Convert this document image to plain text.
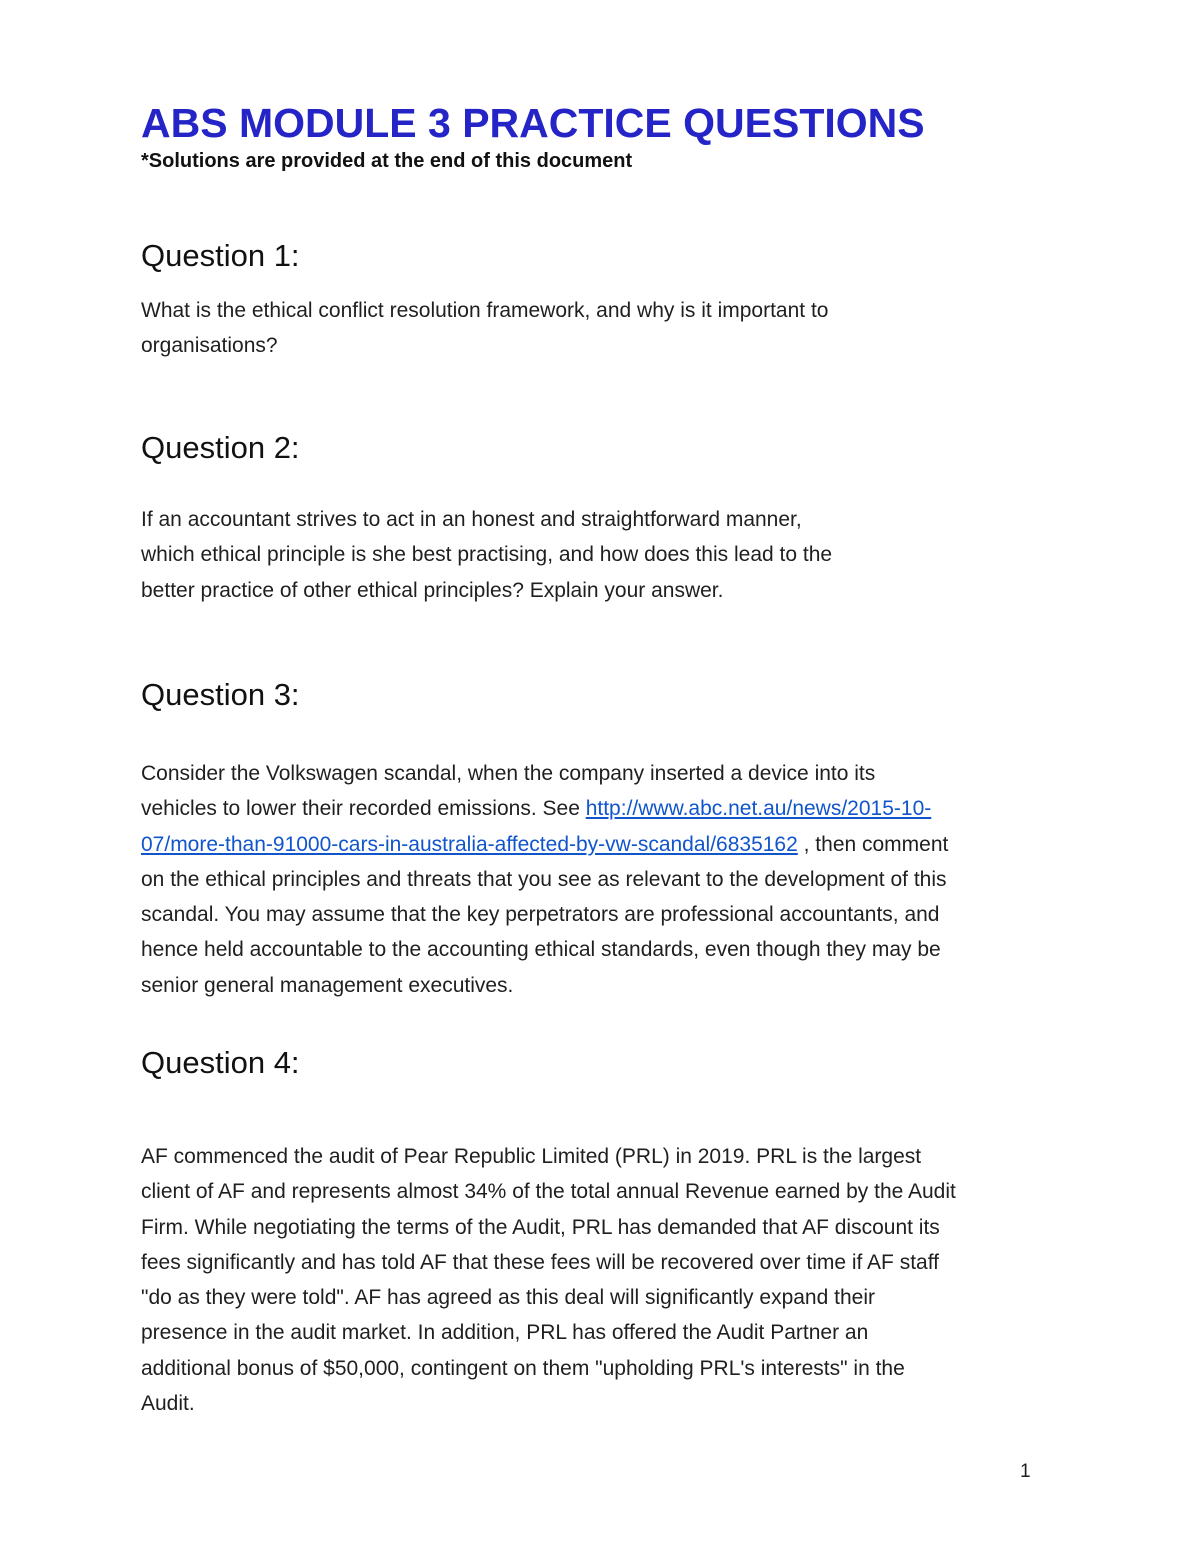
ABS MODULE 3 PRACTICE QUESTIONS

*Solutions are provided at the end of this document

Question 1:
What is the ethical conflict resolution framework, and why is it important to
organisations?
Question 2:
If an accountant strives to act in an honest and straightforward manner,
which ethical principle is she best practising, and how does this lead to the
better practice of other ethical principles? Explain your answer.
Question 3:
Consider the Volkswagen scandal, when the company inserted a device into its
vehicles to lower their recorded emissions. See http://www.abc.net.au/news/2015-10-
07/more-than-91000-cars-in-australia-affected-by-vw-scandal/6835162 , then comment
on the ethical principles and threats that you see as relevant to the development of this
scandal. You may assume that the key perpetrators are professional accountants, and
hence held accountable to the accounting ethical standards, even though they may be
senior general management executives.
Question 4:
AF commenced the audit of Pear Republic Limited (PRL) in 2019. PRL is the largest
client of AF and represents almost 34% of the total annual Revenue earned by the Audit
Firm. While negotiating the terms of the Audit, PRL has demanded that AF discount its
fees significantly and has told AF that these fees will be recovered over time if AF staff
"do as they were told". AF has agreed as this deal will significantly expand their
presence in the audit market. In addition, PRL has offered the Audit Partner an
additional bonus of $50,000, contingent on them "upholding PRL's interests" in the
Audit.
1
